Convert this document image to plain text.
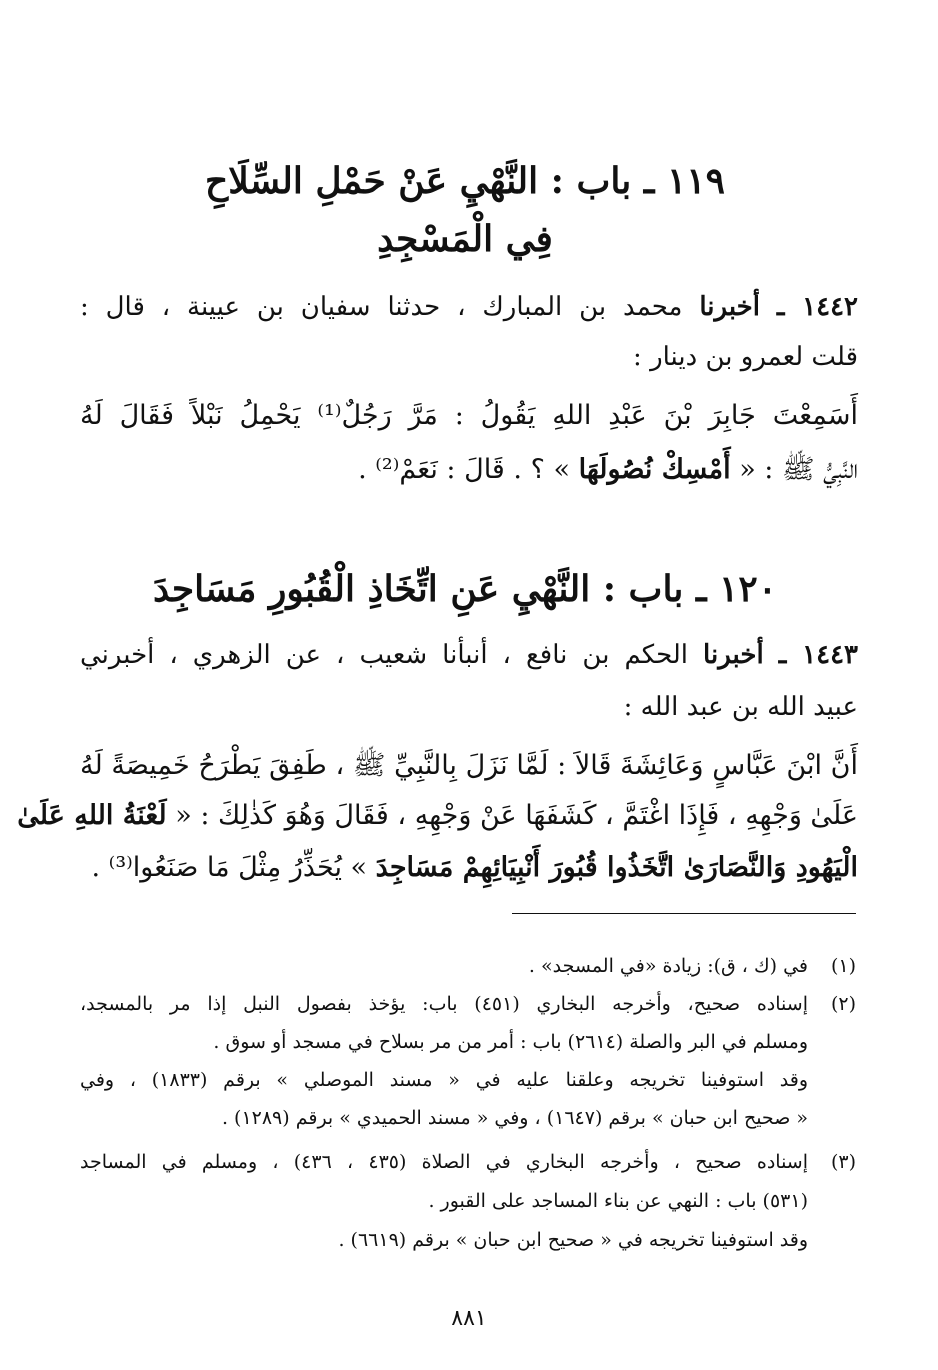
١١٩ ـ باب : النَّهْيِ عَنْ حَمْلِ السِّلَاحِ
فِي الْمَسْجِدِ
١٤٤٢ ـ أخبرنا محمد بن المبارك ، حدثنا سفيان بن عيينة ، قال :
قلت لعمرو بن دينار :
أَسَمِعْتَ جَابِرَ بْنَ عَبْدِ اللهِ يَقُولُ : مَرَّ رَجُلٌ⁽¹⁾ يَحْمِلُ نَبْلاً فَقَالَ لَهُ
النَّبِيُّ ﷺ : « أَمْسِكْ نُصُولَهَا » ؟ . قَالَ : نَعَمْ⁽²⁾ .
١٢٠ ـ باب : النَّهْيِ عَنِ اتِّخَاذِ الْقُبُورِ مَسَاجِدَ
١٤٤٣ ـ أخبرنا الحكم بن نافع ، أنبأنا شعيب ، عن الزهري ، أخبرني
عبيد الله بن عبد الله :
أَنَّ ابْنَ عَبَّاسٍ وَعَائِشَةَ قَالاَ : لَمَّا نَزَلَ بِالنَّبِيِّ ﷺ ، طَفِقَ يَطْرَحُ خَمِيصَةً لَهُ
عَلَىٰ وَجْهِهِ ، فَإِذَا اغْتَمَّ ، كَشَفَهَا عَنْ وَجْهِهِ ، فَقَالَ وَهُوَ كَذٰلِكَ : « لَعْنَةُ اللهِ عَلَىٰ
الْيَهُودِ وَالنَّصَارَىٰ اتَّخَذُوا قُبُورَ أَنْبِيَائِهِمْ مَسَاجِدَ » يُحَذِّرُ مِثْلَ مَا صَنَعُوا⁽³⁾ .
(١)
في (ك ، ق): زيادة «في المسجد» .
(٢)
إسناده صحيح، وأخرجه البخاري (٤٥١) باب: يؤخذ بفصول النبل إذا مر بالمسجد،
ومسلم في البر والصلة (٢٦١٤) باب : أمر من مر بسلاح في مسجد أو سوق .
وقد استوفينا تخريجه وعلقنا عليه في « مسند الموصلي » برقم (١٨٣٣) ، وفي
« صحيح ابن حبان » برقم (١٦٤٧) ، وفي « مسند الحميدي » برقم (١٢٨٩) .
(٣)
إسناده صحيح ، وأخرجه البخاري في الصلاة (٤٣٥ ، ٤٣٦) ، ومسلم في المساجد
(٥٣١) باب : النهي عن بناء المساجد على القبور .
وقد استوفينا تخريجه في « صحيح ابن حبان » برقم (٦٦١٩) .
٨٨١
